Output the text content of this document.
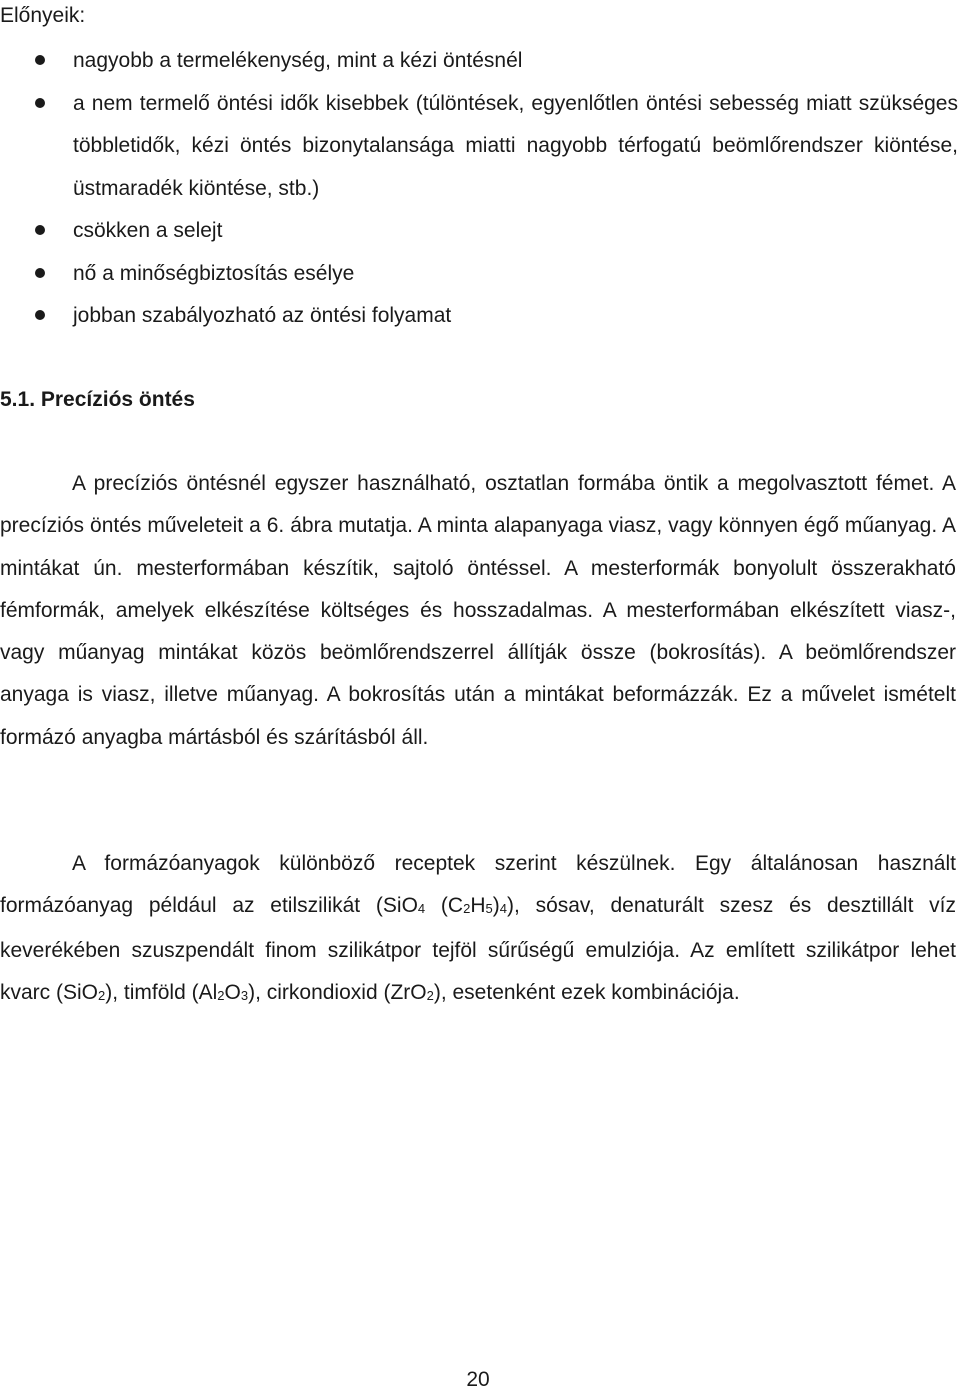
Előnyeik:

nagyobb a termelékenység, mint a kézi öntésnél
a nem termelő öntési idők kisebbek (túlöntések, egyenlőtlen öntési sebesség miatt szükséges többletidők, kézi öntés bizonytalansága miatti nagyobb térfogatú beömlőrendszer kiöntése, üstmaradék kiöntése, stb.)
csökken a selejt
nő a minőségbiztosítás esélye
jobban szabályozható az öntési folyamat
5.1. Precíziós öntés

A precíziós öntésnél egyszer használható, osztatlan formába öntik a megolvasztott fémet. A precíziós öntés műveleteit a 6. ábra mutatja. A minta alapanyaga viasz, vagy könnyen égő műanyag. A mintákat ún. mesterformában készítik, sajtoló öntéssel. A mesterformák bonyolult összerakható fémformák, amelyek elkészítése költséges és hosszadalmas. A mesterformában elkészített viasz-, vagy műanyag mintákat közös beömlőrendszerrel állítják össze (bokrosítás). A beömlőrendszer anyaga is viasz, illetve műanyag. A bokrosítás után a mintákat beformázzák. Ez a művelet ismételt formázó anyagba mártásból és szárításból áll.

A formázóanyagok különböző receptek szerint készülnek. Egy általánosan használt formázóanyag például az etilszilikát (SiO$_4$ $(C_2H_5)_4$), sósav, denaturált szesz és desztillált víz keverékében szuszpendált finom szilikátpor tejföl sűrűségű emulziója. Az említett szilikátpor lehet kvarc (SiO$_2$), timföld $(Al_2O_3)$, cirkondioxid (ZrO$_2$), esetenként ezek kombinációja.

20
